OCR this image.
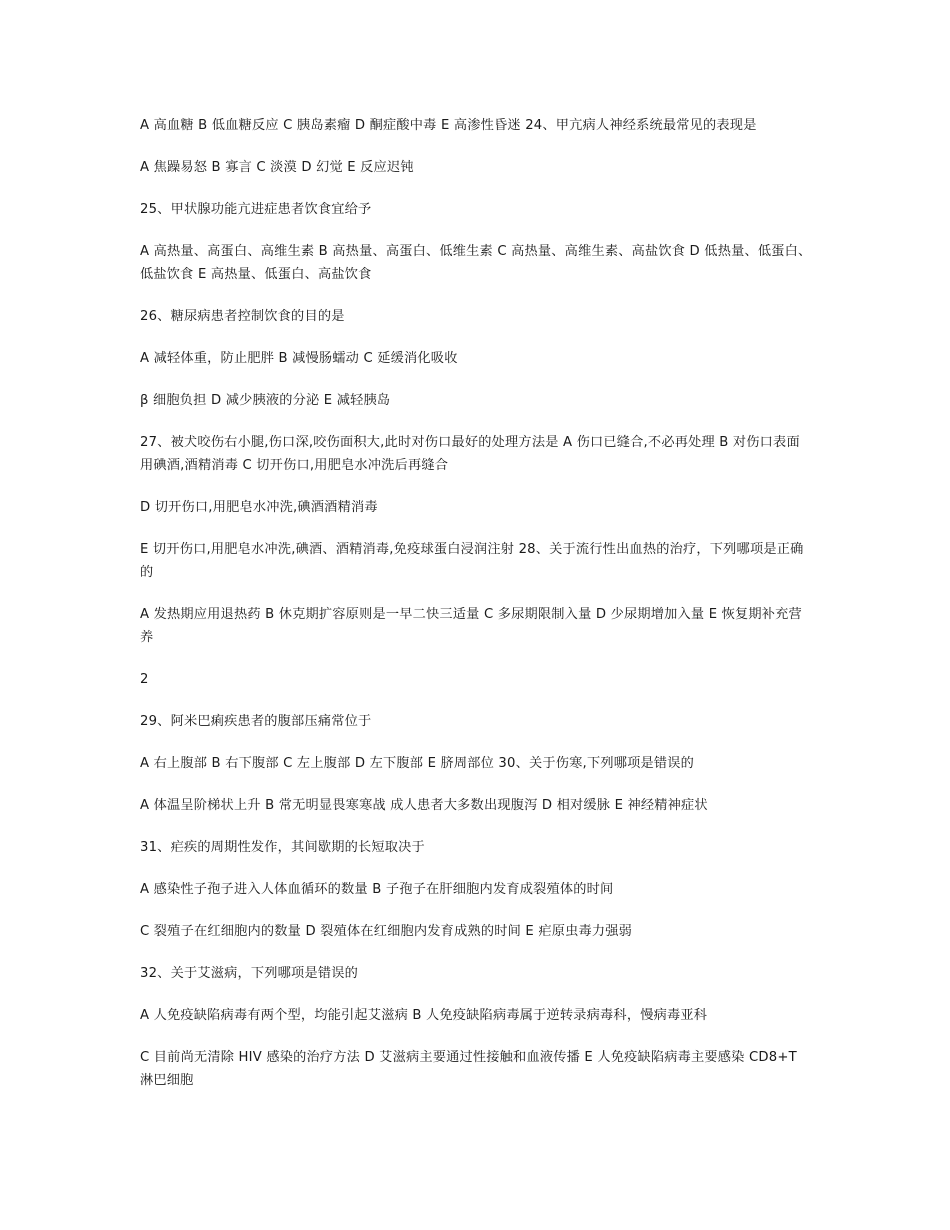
A 高血糖 B 低血糖反应 C 胰岛素瘤 D 酮症酸中毒 E 高渗性昏迷 24、甲亢病人神经系统最常见的表现是

A 焦躁易怒 B 寡言 C 淡漠 D 幻觉 E 反应迟钝

25、甲状腺功能亢进症患者饮食宜给予

A 高热量、高蛋白、高维生素 B 高热量、高蛋白、低维生素 C 高热量、高维生素、高盐饮食 D 低热量、低蛋白、低盐饮食 E 高热量、低蛋白、高盐饮食

26、糖尿病患者控制饮食的目的是

A 减轻体重，防止肥胖 B 减慢肠蠕动 C 延缓消化吸收

β 细胞负担 D 减少胰液的分泌 E 减轻胰岛

27、被犬咬伤右小腿,伤口深,咬伤面积大,此时对伤口最好的处理方法是 A 伤口已缝合,不必再处理 B 对伤口表面用碘酒,酒精消毒 C 切开伤口,用肥皂水冲洗后再缝合

D 切开伤口,用肥皂水冲洗,碘酒酒精消毒

E 切开伤口,用肥皂水冲洗,碘酒、酒精消毒,免疫球蛋白浸润注射 28、关于流行性出血热的治疗，下列哪项是正确的

A 发热期应用退热药 B 休克期扩容原则是一早二快三适量 C 多尿期限制入量 D 少尿期增加入量 E 恢复期补充营养

2

29、阿米巴痢疾患者的腹部压痛常位于

A 右上腹部 B 右下腹部 C 左上腹部 D 左下腹部 E 脐周部位 30、关于伤寒,下列哪项是错误的

A 体温呈阶梯状上升 B 常无明显畏寒寒战 成人患者大多数出现腹泻 D 相对缓脉 E 神经精神症状

31、疟疾的周期性发作，其间歇期的长短取决于

A 感染性子孢子进入人体血循环的数量 B 子孢子在肝细胞内发育成裂殖体的时间

C 裂殖子在红细胞内的数量 D 裂殖体在红细胞内发育成熟的时间 E 疟原虫毒力强弱

32、关于艾滋病，下列哪项是错误的

A 人免疫缺陷病毒有两个型，均能引起艾滋病 B 人免疫缺陷病毒属于逆转录病毒科，慢病毒亚科

C 目前尚无清除 HIV 感染的治疗方法 D 艾滋病主要通过性接触和血液传播 E 人免疫缺陷病毒主要感染 CD8+T 淋巴细胞
